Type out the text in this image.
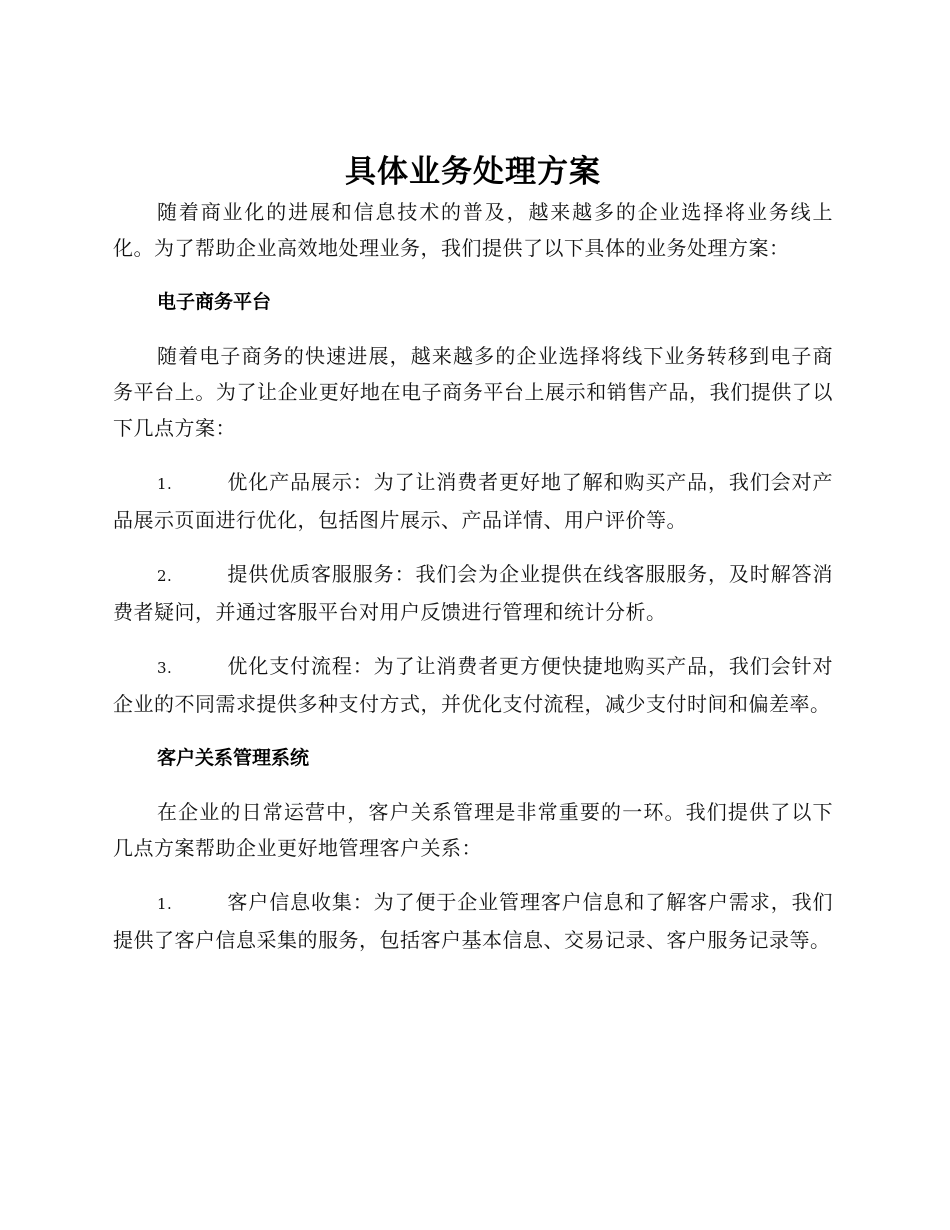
具体业务处理方案

随着商业化的进展和信息技术的普及，越来越多的企业选择将业务线上化。为了帮助企业高效地处理业务，我们提供了以下具体的业务处理方案：

电子商务平台

随着电子商务的快速进展，越来越多的企业选择将线下业务转移到电子商务平台上。为了让企业更好地在电子商务平台上展示和销售产品，我们提供了以下几点方案：

1.	优化产品展示：为了让消费者更好地了解和购买产品，我们会对产品展示页面进行优化，包括图片展示、产品详情、用户评价等。

2.	提供优质客服服务：我们会为企业提供在线客服服务，及时解答消费者疑问，并通过客服平台对用户反馈进行管理和统计分析。

3.	优化支付流程：为了让消费者更方便快捷地购买产品，我们会针对企业的不同需求提供多种支付方式，并优化支付流程，减少支付时间和偏差率。

客户关系管理系统

在企业的日常运营中，客户关系管理是非常重要的一环。我们提供了以下几点方案帮助企业更好地管理客户关系：

1.	客户信息收集：为了便于企业管理客户信息和了解客户需求，我们提供了客户信息采集的服务，包括客户基本信息、交易记录、客户服务记录等。
